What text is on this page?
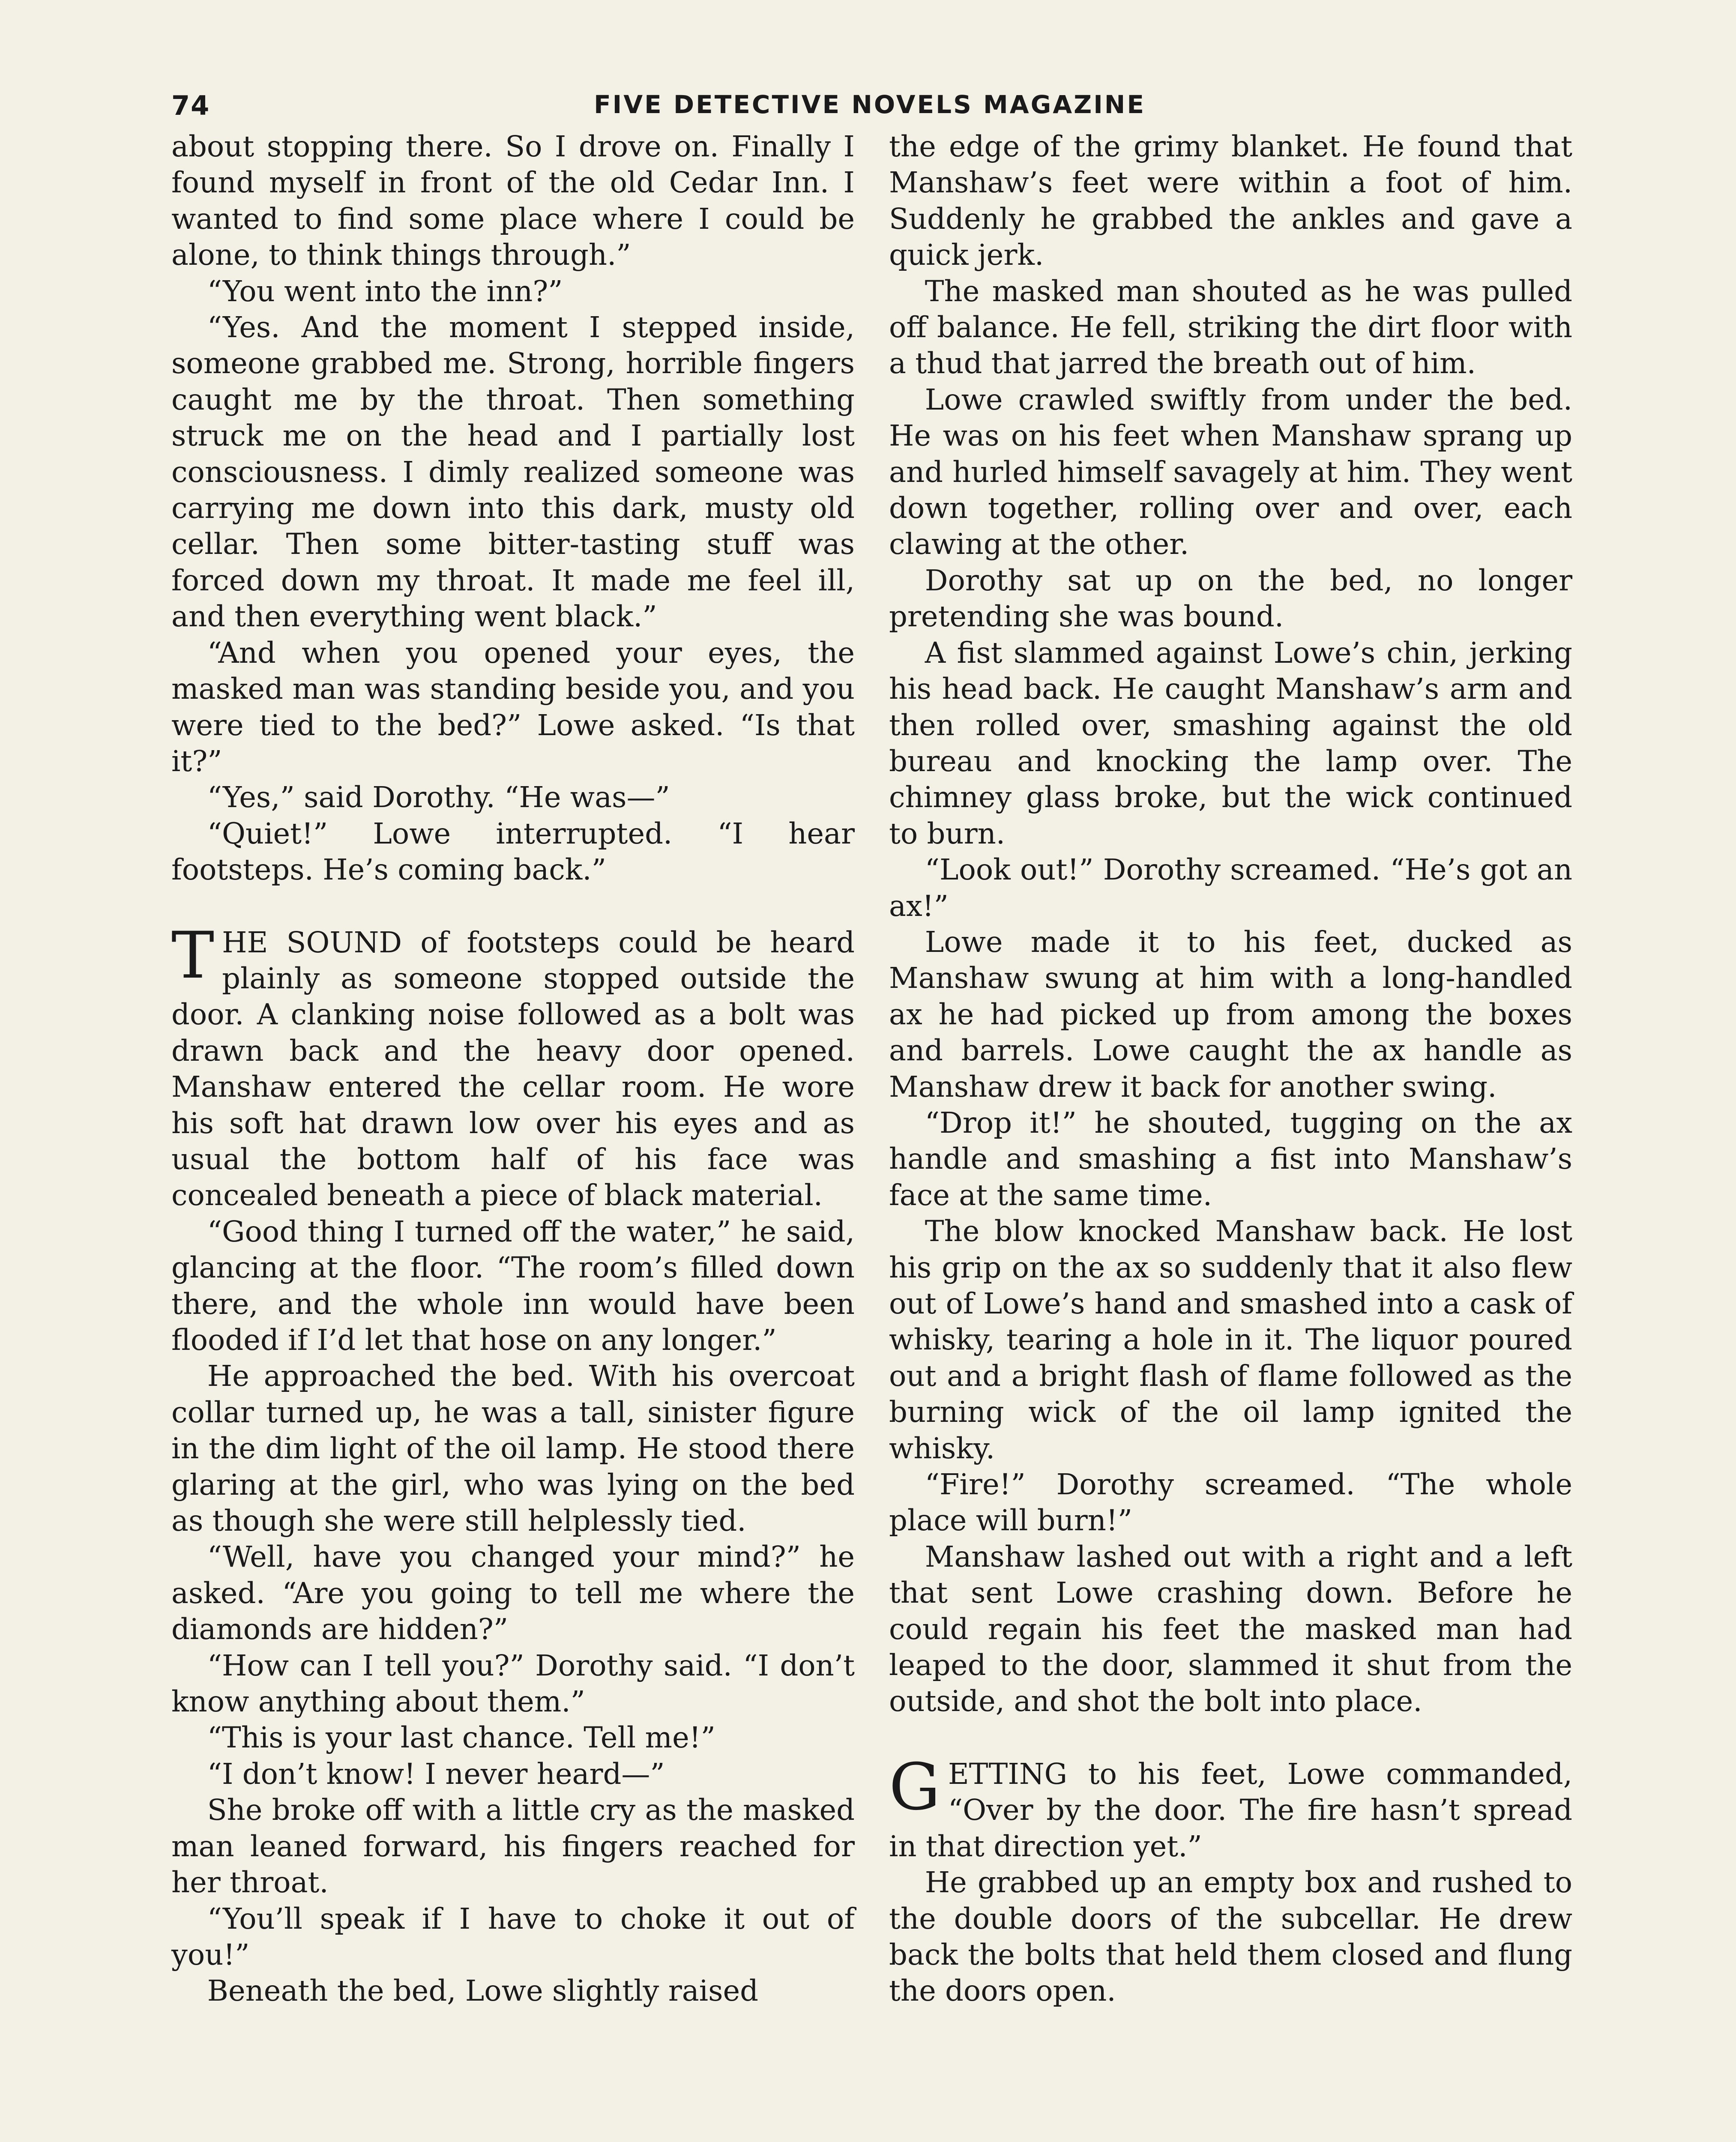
74	FIVE DETECTIVE NOVELS MAGAZINE

about stopping there. So I drove on. Finally I found myself in front of the old Cedar Inn. I wanted to find some place where I could be alone, to think things through.”

“You went into the inn?”

“Yes. And the moment I stepped inside, someone grabbed me. Strong, horrible fingers caught me by the throat. Then something struck me on the head and I partially lost consciousness. I dimly realized someone was carrying me down into this dark, musty old cellar. Then some bitter-tasting stuff was forced down my throat. It made me feel ill, and then everything went black.”

“And when you opened your eyes, the masked man was standing beside you, and you were tied to the bed?” Lowe asked. “Is that it?”

“Yes,” said Dorothy. “He was—”

“Quiet!” Lowe interrupted. “I hear footsteps. He’s coming back.”

THE SOUND of footsteps could be heard plainly as someone stopped outside the door. A clanking noise followed as a bolt was drawn back and the heavy door opened. Manshaw entered the cellar room. He wore his soft hat drawn low over his eyes and as usual the bottom half of his face was concealed beneath a piece of black material.

“Good thing I turned off the water,” he said, glancing at the floor. “The room’s filled down there, and the whole inn would have been flooded if I’d let that hose on any longer.”

He approached the bed. With his overcoat collar turned up, he was a tall, sinister figure in the dim light of the oil lamp. He stood there glaring at the girl, who was lying on the bed as though she were still helplessly tied.

“Well, have you changed your mind?” he asked. “Are you going to tell me where the diamonds are hidden?”

“How can I tell you?” Dorothy said. “I don’t know anything about them.”

“This is your last chance. Tell me!”

“I don’t know! I never heard—”

She broke off with a little cry as the masked man leaned forward, his fingers reached for her throat.

“You’ll speak if I have to choke it out of you!”

Beneath the bed, Lowe slightly raised

the edge of the grimy blanket. He found that Manshaw’s feet were within a foot of him. Suddenly he grabbed the ankles and gave a quick jerk.

The masked man shouted as he was pulled off balance. He fell, striking the dirt floor with a thud that jarred the breath out of him.

Lowe crawled swiftly from under the bed. He was on his feet when Manshaw sprang up and hurled himself savagely at him. They went down together, rolling over and over, each clawing at the other.

Dorothy sat up on the bed, no longer pretending she was bound.

A fist slammed against Lowe’s chin, jerking his head back. He caught Manshaw’s arm and then rolled over, smashing against the old bureau and knocking the lamp over. The chimney glass broke, but the wick continued to burn.

“Look out!” Dorothy screamed. “He’s got an ax!”

Lowe made it to his feet, ducked as Manshaw swung at him with a long-handled ax he had picked up from among the boxes and barrels. Lowe caught the ax handle as Manshaw drew it back for another swing.

“Drop it!” he shouted, tugging on the ax handle and smashing a fist into Manshaw’s face at the same time.

The blow knocked Manshaw back. He lost his grip on the ax so suddenly that it also flew out of Lowe’s hand and smashed into a cask of whisky, tearing a hole in it. The liquor poured out and a bright flash of flame followed as the burning wick of the oil lamp ignited the whisky.

“Fire!” Dorothy screamed. “The whole place will burn!”

Manshaw lashed out with a right and a left that sent Lowe crashing down. Before he could regain his feet the masked man had leaped to the door, slammed it shut from the outside, and shot the bolt into place.

GETTING to his feet, Lowe commanded, “Over by the door. The fire hasn’t spread in that direction yet.”

He grabbed up an empty box and rushed to the double doors of the subcellar. He drew back the bolts that held them closed and flung the doors open.
